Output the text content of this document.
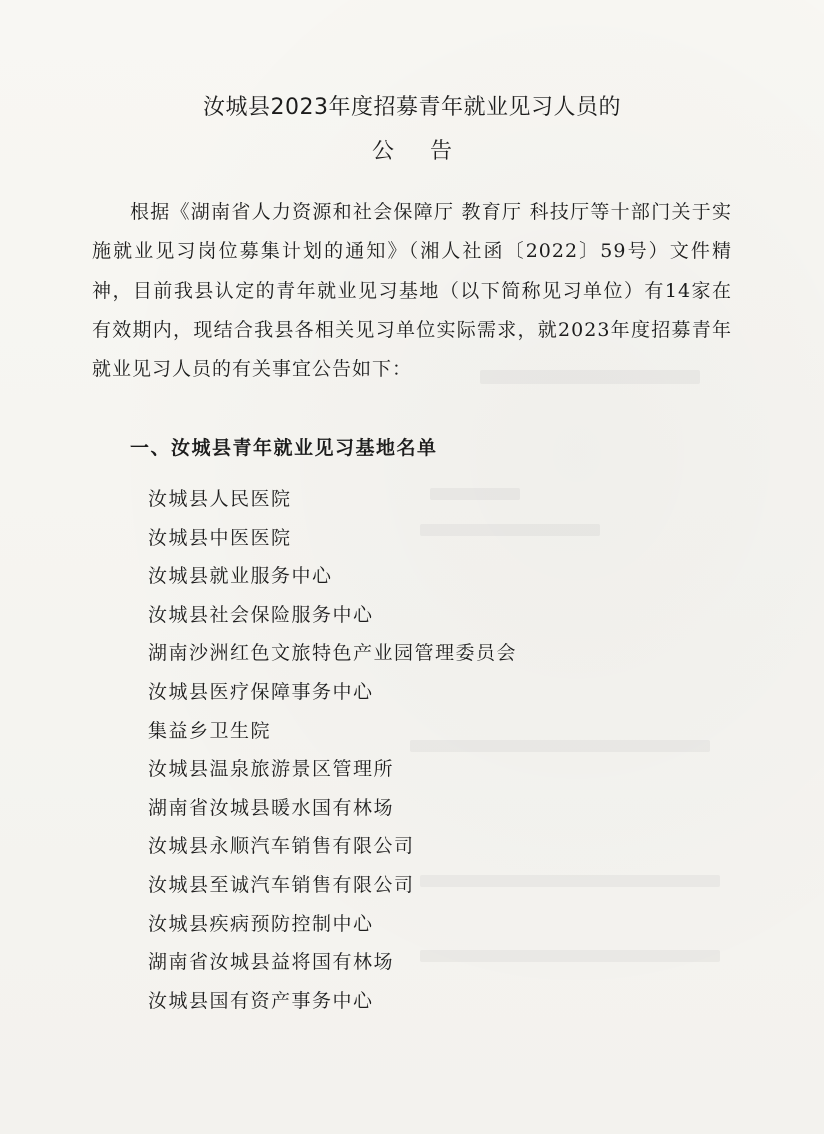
汝城县2023年度招募青年就业见习人员的
公告

根据《湖南省人力资源和社会保障厅 教育厅 科技厅等十部门关于实施就业见习岗位募集计划的通知》（湘人社函〔2022〕59号）文件精神，目前我县认定的青年就业见习基地（以下简称见习单位）有14家在有效期内，现结合我县各相关见习单位实际需求，就2023年度招募青年就业见习人员的有关事宜公告如下：

一、汝城县青年就业见习基地名单
汝城县人民医院
汝城县中医医院
汝城县就业服务中心
汝城县社会保险服务中心
湖南沙洲红色文旅特色产业园管理委员会
汝城县医疗保障事务中心
集益乡卫生院
汝城县温泉旅游景区管理所
湖南省汝城县暖水国有林场
汝城县永顺汽车销售有限公司
汝城县至诚汽车销售有限公司
汝城县疾病预防控制中心
湖南省汝城县益将国有林场
汝城县国有资产事务中心
